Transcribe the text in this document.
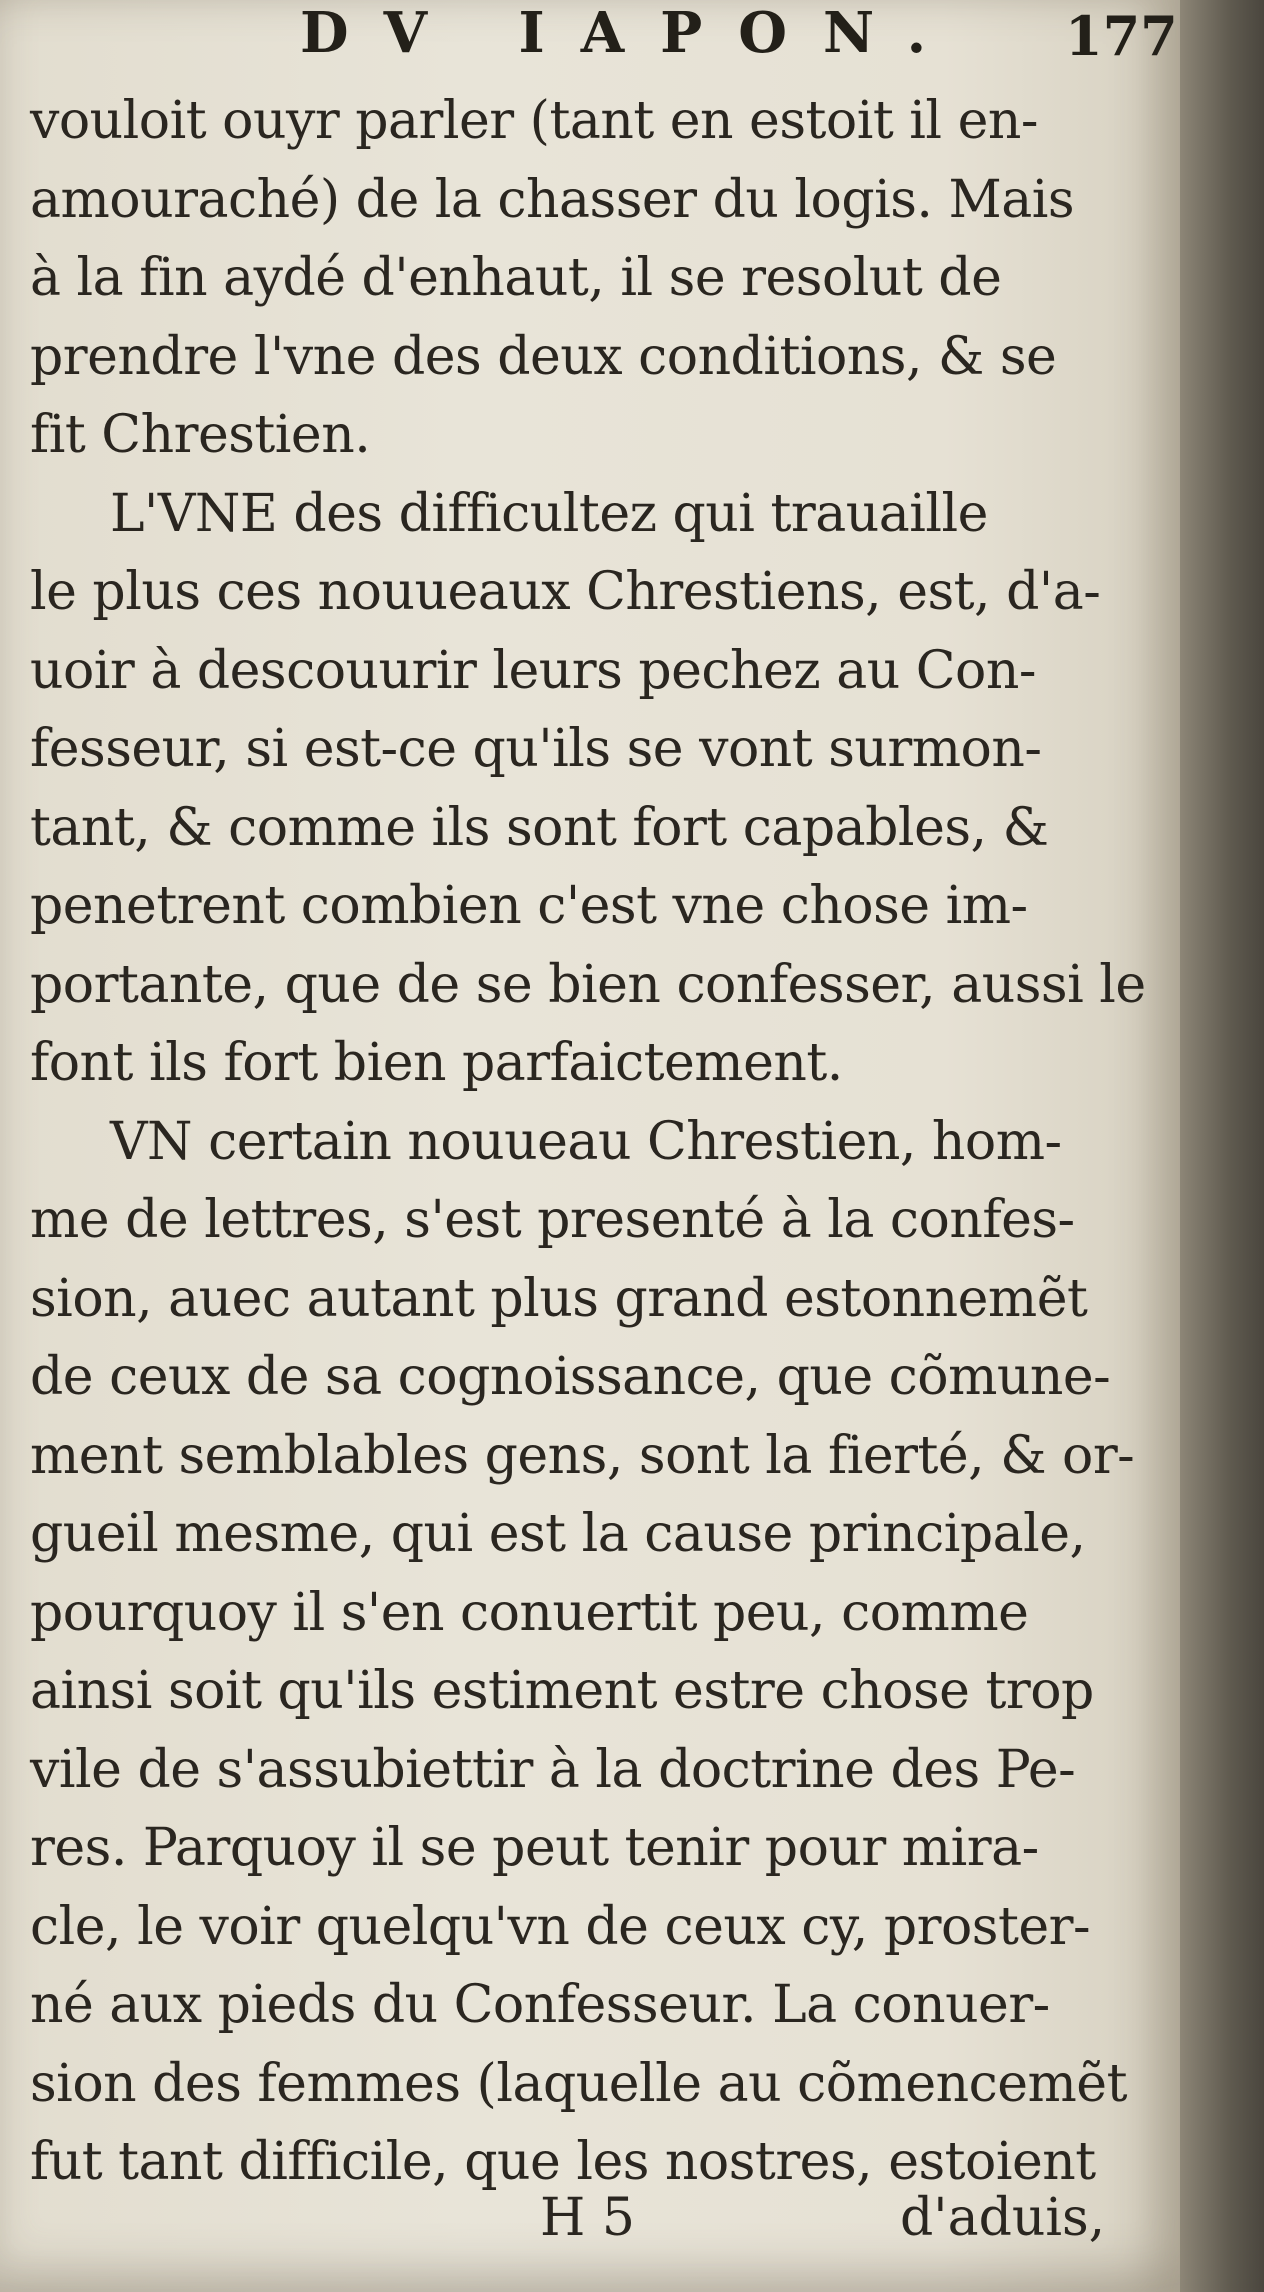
DV IAPON. 177
vouloit ouyr parler (tant en estoit il en-
amouraché) de la chasser du logis. Mais
à la fin aydé d'enhaut, il se resolut de
prendre l'vne des deux conditions, & se
fit Chrestien.
L'VNE des difficultez qui trauaille
le plus ces nouueaux Chrestiens, est, d'a-
uoir à descouurir leurs pechez au Con-
fesseur, si est-ce qu'ils se vont surmon-
tant, & comme ils sont fort capables, &
penetrent combien c'est vne chose im-
portante, que de se bien confesser, aussi le
font ils fort bien parfaictement.
VN certain nouueau Chrestien, hom-
me de lettres, s'est presenté à la confes-
sion, auec autant plus grand estonnemẽt
de ceux de sa cognoissance, que cõmune-
ment semblables gens, sont la fierté, & or-
gueil mesme, qui est la cause principale,
pourquoy il s'en conuertit peu, comme
ainsi soit qu'ils estiment estre chose trop
vile de s'assubiettir à la doctrine des Pe-
res. Parquoy il se peut tenir pour mira-
cle, le voir quelqu'vn de ceux cy, proster-
né aux pieds du Confesseur. La conuer-
sion des femmes (laquelle au cõmencemẽt
fut tant difficile, que les nostres, estoient
H 5	d'aduis,
